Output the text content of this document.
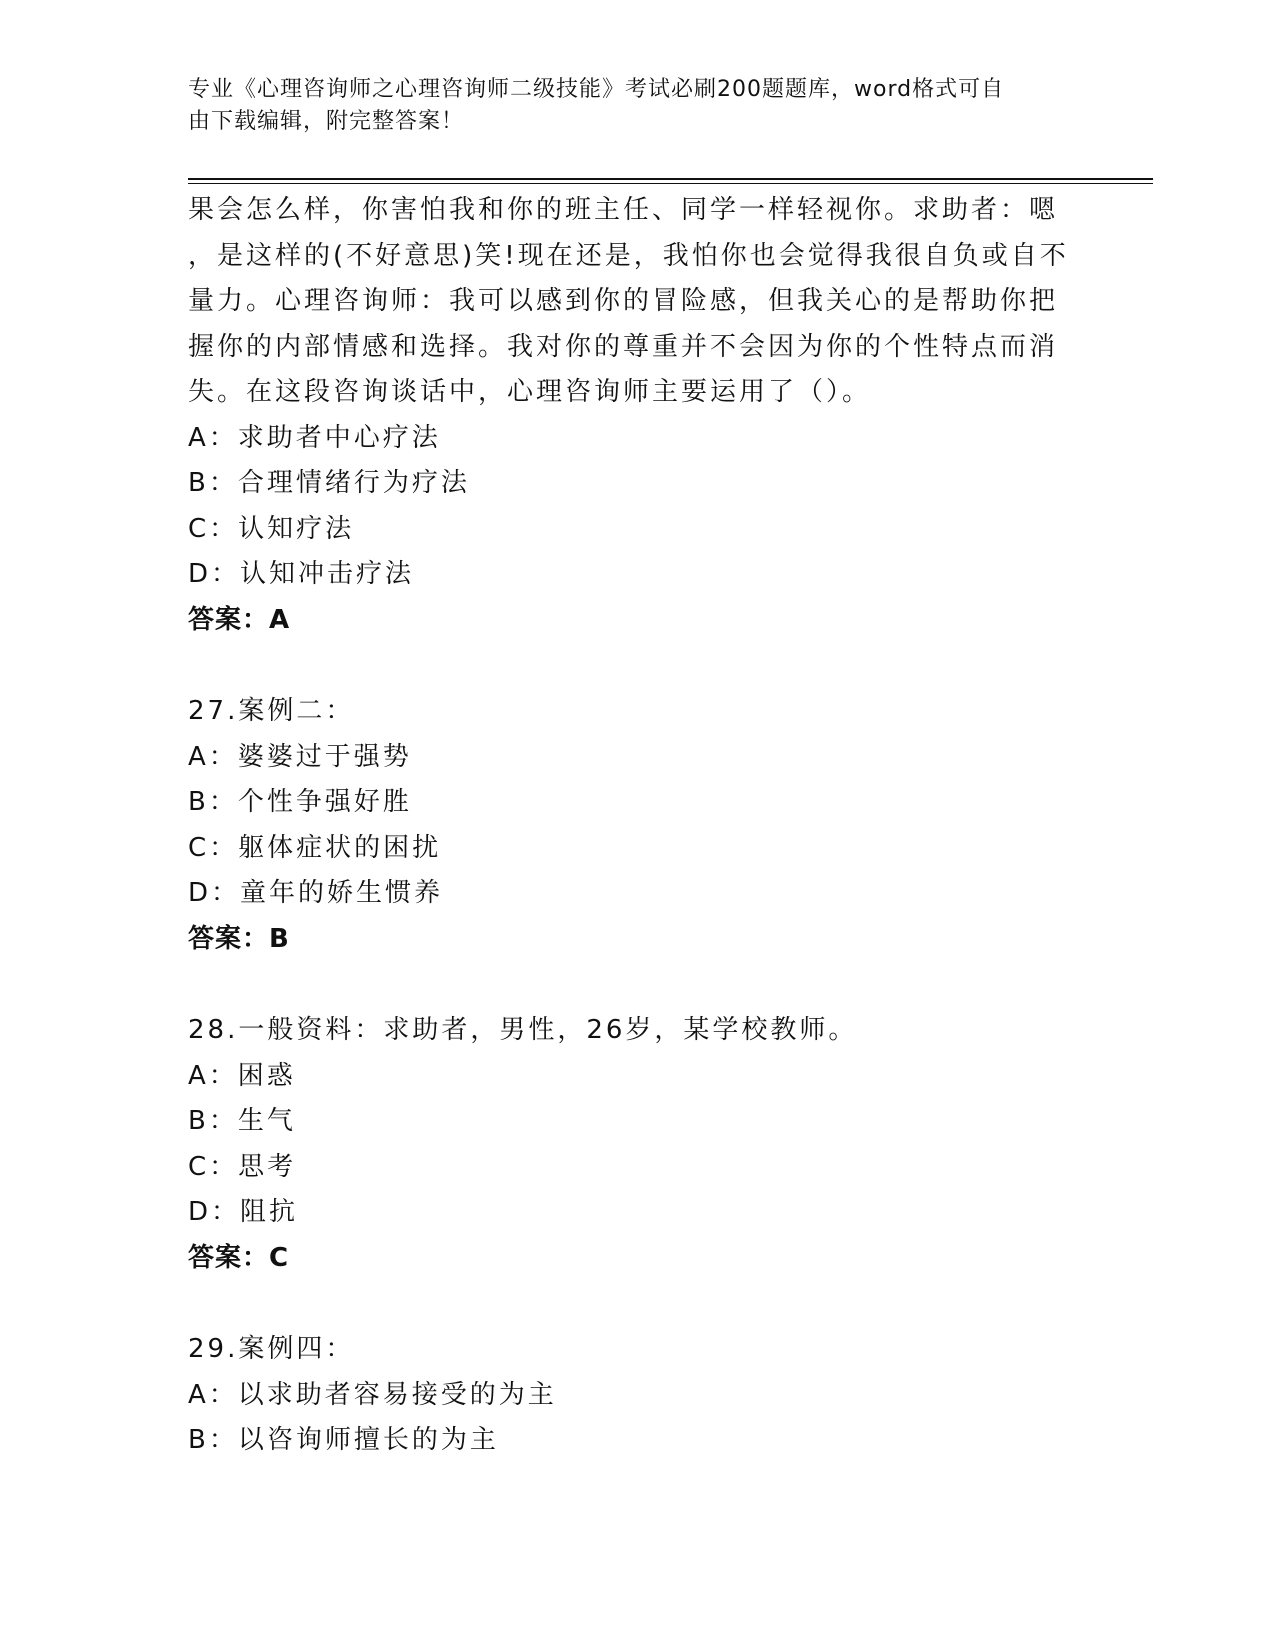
专业《心理咨询师之心理咨询师二级技能》考试必刷200题题库，word格式可自
由下载编辑，附完整答案！
果会怎么样，你害怕我和你的班主任、同学一样轻视你。求助者：嗯
，是这样的(不好意思)笑!现在还是，我怕你也会觉得我很自负或自不
量力。心理咨询师：我可以感到你的冒险感，但我关心的是帮助你把
握你的内部情感和选择。我对你的尊重并不会因为你的个性特点而消
失。在这段咨询谈话中，心理咨询师主要运用了（）。
A：求助者中心疗法
B：合理情绪行为疗法
C：认知疗法
D：认知冲击疗法
答案：A
27.案例二：
A：婆婆过于强势
B：个性争强好胜
C：躯体症状的困扰
D：童年的娇生惯养
答案：B
28.一般资料：求助者，男性，26岁，某学校教师。
A：困惑
B：生气
C：思考
D：阻抗
答案：C
29.案例四：
A：以求助者容易接受的为主
B：以咨询师擅长的为主
